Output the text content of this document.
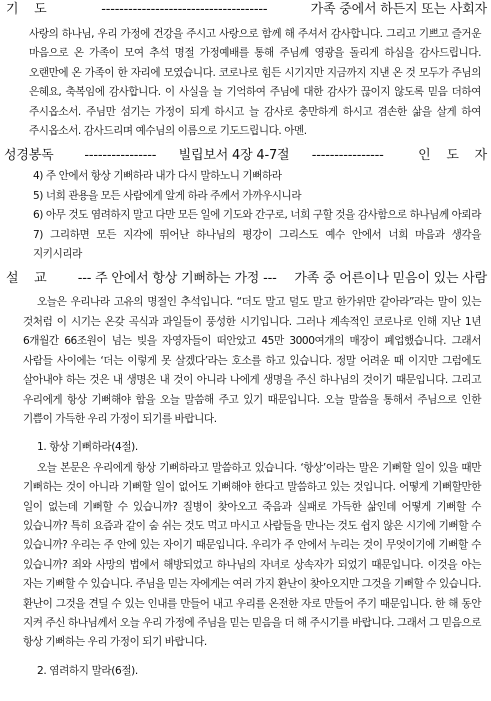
기    도	-------------------------------------	가족 중에서 하든지 또는 사회자

사랑의 하나님, 우리 가정에 건강을 주시고 사랑으로 함께 해 주셔서 감사합니다. 그리고 기쁘고 즐거운 마음으로 온 가족이 모여 추석 명절 가정예배를 통해 주님께 영광을 돌리게 하심을 감사드립니다. 오랜만에 온 가족이 한 자리에 모였습니다. 코로나로 힘든 시기지만 지금까지 지낸 온 것 모두가 주님의 은혜요, 축복임에 감사합니다. 이 사실을 늘 기억하여 주님에 대한 감사가 끊이지 않도록 믿음 더하여 주시옵소서. 주님만 섬기는 가정이 되게 하시고 늘 감사로 충만하게 하시고 겸손한 삶을 살게 하여 주시옵소서. 감사드리며 예수님의 이름으로 기도드립니다. 아멘.

성경봉독	----------------	빌립보서 4장 4-7절	----------------	인 도 자

4) 주 안에서 항상 기뻐하라 내가 다시 말하노니 기뻐하라

5) 너희 관용을 모든 사람에게 알게 하라 주께서 가까우시니라

6) 아무 것도 염려하지 말고 다만 모든 일에 기도와 간구로, 너희 구할 것을 감사함으로 하나님께 아뢰라

7) 그리하면 모든 지각에 뛰어난 하나님의 평강이 그리스도 예수 안에서 너희 마음과 생각을 지키시리라

설    교	--- 주 안에서 항상 기뻐하는 가정 ---	가족 중 어른이나 믿음이 있는 사람

오늘은 우리나라 고유의 명절인 추석입니다. “더도 말고 덜도 말고 한가위만 같아라”라는 말이 있는 것처럼 이 시기는 온갖 곡식과 과일들이 풍성한 시기입니다. 그러나 계속적인 코로나로 인해 지난 1년 6개월간 66조원이 넘는 빚을 자영자들이 떠안았고 45만 3000여개의 매장이 폐업했습니다. 그래서 사람들 사이에는 ‘더는 이렇게 못 살겠다’라는 호소를 하고 있습니다. 정말 어려운 때 이지만 그럼에도 살아내야 하는 것은 내 생명은 내 것이 아니라 나에게 생명을 주신 하나님의 것이기 때문입니다. 그리고 우리에게 항상 기뻐해야 함을 오늘 말씀해 주고 있기 때문입니다. 오늘 말씀을 통해서 주님으로 인한 기쁨이 가득한 우리 가정이 되기를 바랍니다.

1. 항상 기뻐하라(4절).

오늘 본문은 우리에게 항상 기뻐하라고 말씀하고 있습니다. ‘항상’이라는 말은 기뻐할 일이 있을 때만 기뻐하는 것이 아니라 기뻐할 일이 없어도 기뻐해야 한다고 말씀하고 있는 것입니다. 어떻게 기뻐할만한 일이 없는데 기뻐할 수 있습니까? 질병이 찾아오고 죽음과 실패로 가득한 삶인데 어떻게 기뻐할 수 있습니까? 특히 요즘과 같이 숨 쉬는 것도 먹고 마시고 사람들을 만나는 것도 쉽지 않은 시기에 기뻐할 수 있습니까? 우리는 주 안에 있는 자이기 때문입니다. 우리가 주 안에서 누리는 것이 무엇이기에 기뻐할 수 있습니까? 죄와 사망의 법에서 해방되었고 하나님의 자녀로 상속자가 되었기 때문입니다. 이것을 아는 자는 기뻐할 수 있습니다. 주님을 믿는 자에게는 여러 가지 환난이 찾아오지만 그것을 기뻐할 수 있습니다. 환난이 그것을 견딜 수 있는 인내를 만들어 내고 우리를 온전한 자로 만들어 주기 때문입니다. 한 해 동안 지켜 주신 하나님께서 오늘 우리 가정에 주님을 믿는 믿음을 더 해 주시기를 바랍니다. 그래서 그 믿음으로 항상 기뻐하는 우리 가정이 되기 바랍니다.

2. 염려하지 말라(6절).
